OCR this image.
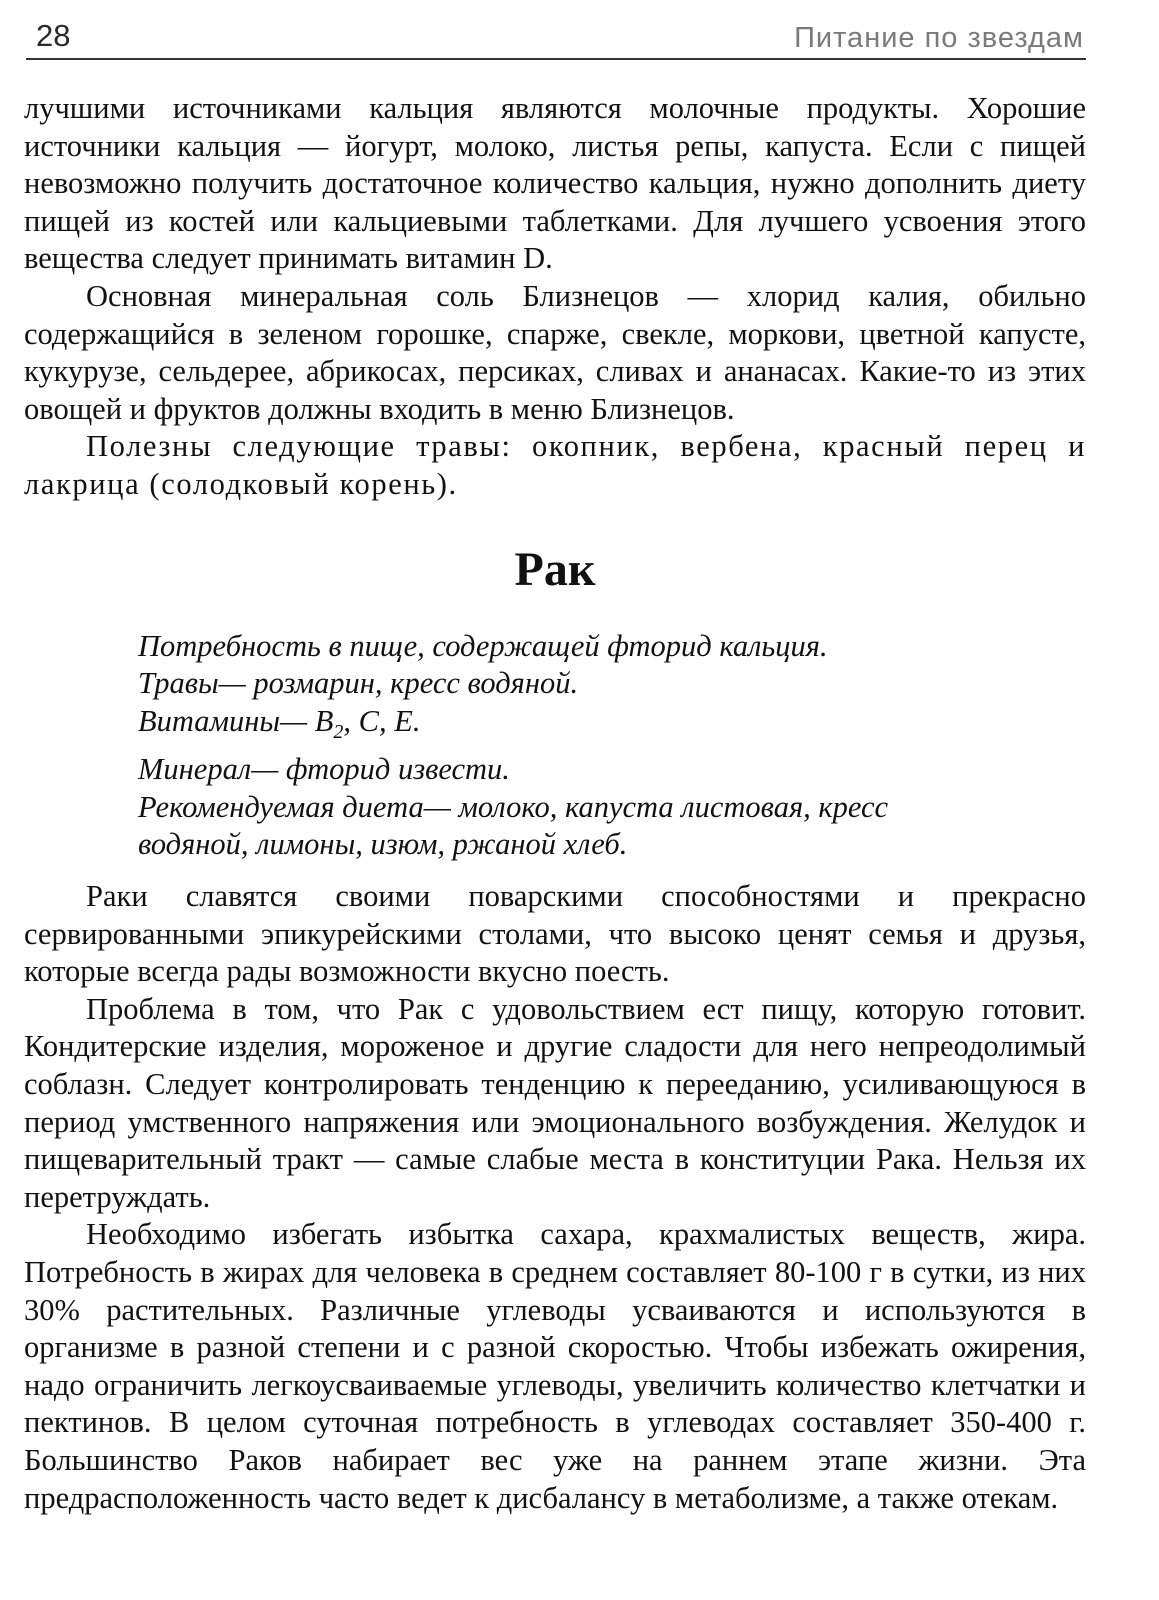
28	Питание по звездам

лучшими источниками кальция являются молочные продукты. Хорошие источники кальция — йогурт, молоко, листья репы, капуста. Если с пищей невозможно получить достаточное количество кальция, нужно дополнить диету пищей из костей или кальциевыми таблетками. Для лучшего усвоения этого вещества следует принимать витамин D.

Основная минеральная соль Близнецов — хлорид калия, обильно содержащийся в зеленом горошке, спарже, свекле, моркови, цветной капусте, кукурузе, сельдерее, абрикосах, персиках, сливах и ананасах. Какие-то из этих овощей и фруктов должны входить в меню Близнецов.

Полезны следующие травы: окопник, вербена, красный перец и лакрица (солодковый корень).

Рак
Потребность в пище, содержащей фторид кальция.
Травы— розмарин, кресс водяной.
Витамины— $B_2$, C, E.
Минерал— фторид извести.
Рекомендуемая диета— молоко, капуста листовая, кресс
водяной, лимоны, изюм, ржаной хлеб.

Раки славятся своими поварскими способностями и прекрасно сервированными эпикурейскими столами, что высоко ценят семья и друзья, которые всегда рады возможности вкусно поесть.

Проблема в том, что Рак с удовольствием ест пищу, которую готовит. Кондитерские изделия, мороженое и другие сладости для него непреодолимый соблазн. Следует контролировать тенденцию к перееданию, усиливающуюся в период умственного напряжения или эмоционального возбуждения. Желудок и пищеварительный тракт — самые слабые места в конституции Рака. Нельзя их перетруждать.

Необходимо избегать избытка сахара, крахмалистых веществ, жира. Потребность в жирах для человека в среднем составляет 80-100 г в сутки, из них 30% растительных. Различные углеводы усваиваются и используются в организме в разной степени и с разной скоростью. Чтобы избежать ожирения, надо ограничить легкоусваиваемые углеводы, увеличить количество клетчатки и пектинов. В целом суточная потребность в углеводах составляет 350-400 г. Большинство Раков набирает вес уже на раннем этапе жизни. Эта предрасположенность часто ведет к дисбалансу в метаболизме, а также отекам.
